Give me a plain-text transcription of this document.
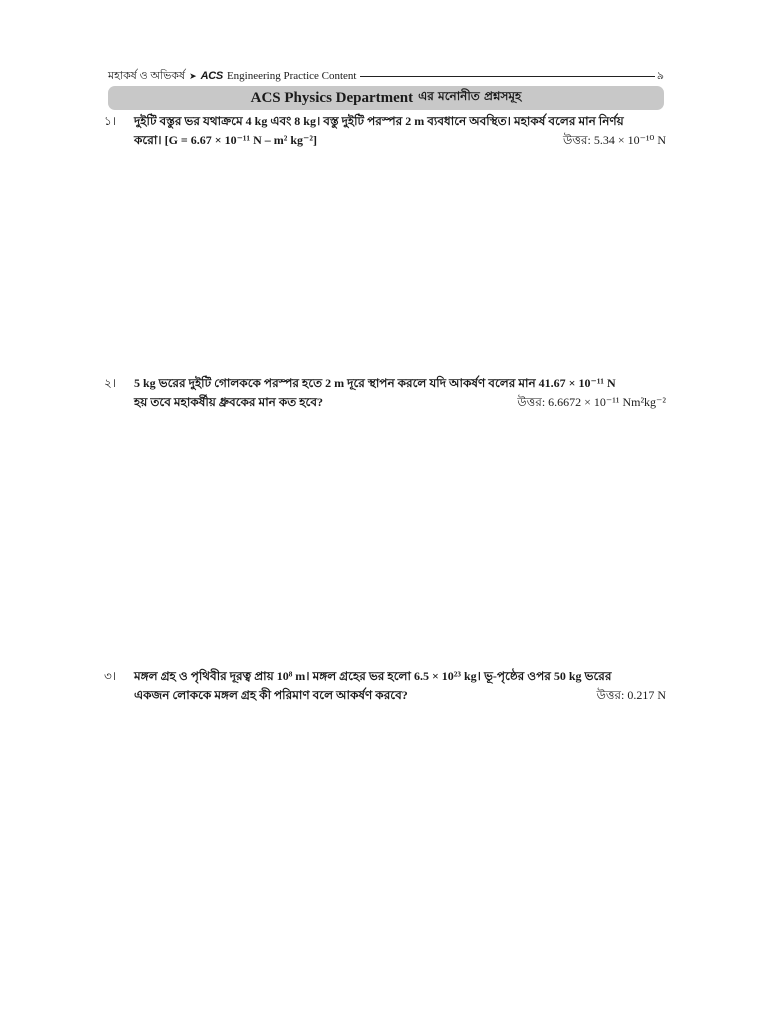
মহাকর্ষ ও অভিকর্ষ ➤ ACS Engineering Practice Content	৯
ACS Physics Department এর মনোনীত প্রশ্নসমূহ
১।	দুইটি বস্তুর ভর যথাক্রমে 4 kg এবং 8 kg। বস্তু দুইটি পরস্পর 2 m ব্যবধানে অবস্থিত। মহাকর্ষ বলের মান নির্ণয়
করো। [G = 6.67 × 10⁻¹¹ N – m² kg⁻²]	উত্তর: 5.34 × 10⁻¹⁰ N
২।	5 kg ভরের দুইটি গোলককে পরস্পর হতে 2 m দূরে স্থাপন করলে যদি আকর্ষণ বলের মান 41.67 × 10⁻¹¹ N
হয় তবে মহাকর্ষীয় ধ্রুবকের মান কত হবে?	উত্তর: 6.6672 × 10⁻¹¹ Nm²kg⁻²
৩।	মঙ্গল গ্রহ ও পৃথিবীর দূরত্ব প্রায় 10⁸ m। মঙ্গল গ্রহের ভর হলো 6.5 × 10²³ kg। ভূ-পৃষ্ঠের ওপর 50 kg ভরের
একজন লোককে মঙ্গল গ্রহ কী পরিমাণ বলে আকর্ষণ করবে?	উত্তর: 0.217 N
